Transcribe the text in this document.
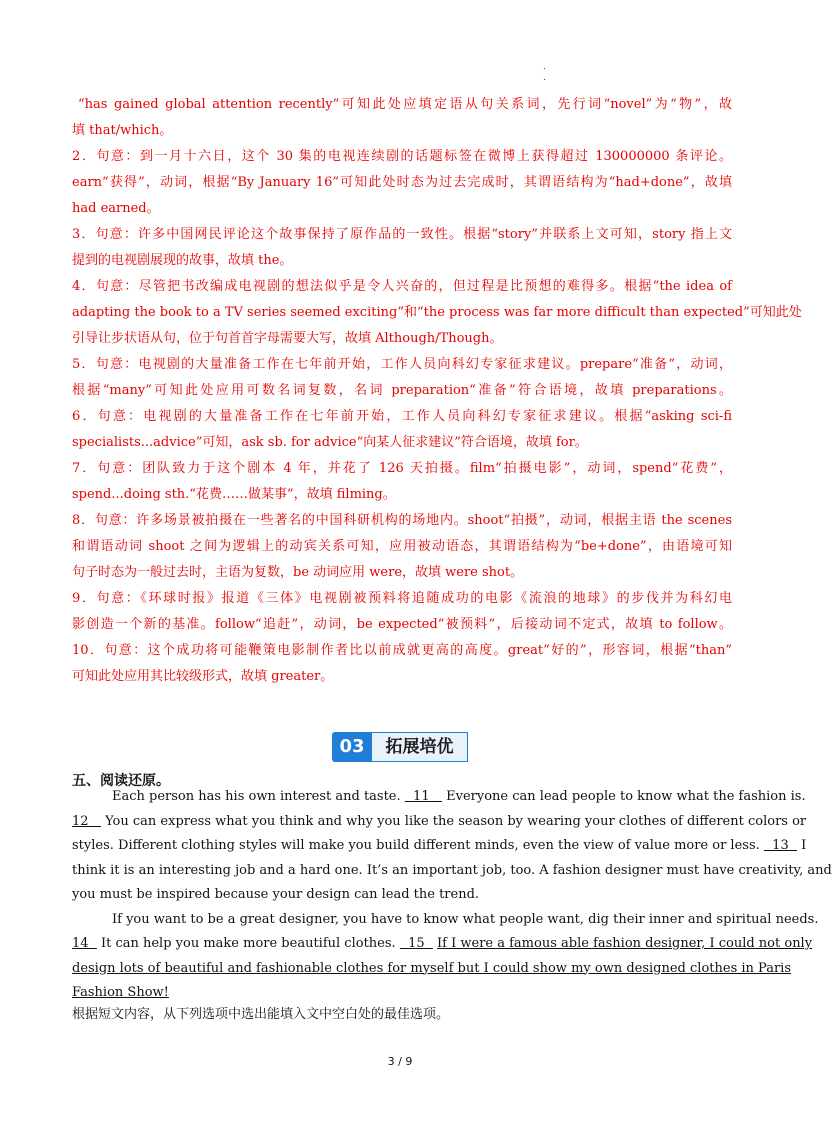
.
.
“has gained global attention recently”可知此处应填定语从句关系词，先行词“novel”为“物”，故
填 that/which。
2．句意：到一月十六日，这个 30 集的电视连续剧的话题标签在微博上获得超过 130000000 条评论。
earn“获得”，动词，根据“By January 16”可知此处时态为过去完成时，其谓语结构为“had+done”，故填
had earned。
3．句意：许多中国网民评论这个故事保持了原作品的一致性。根据“story”并联系上文可知，story 指上文
提到的电视剧展现的故事，故填 the。
4．句意：尽管把书改编成电视剧的想法似乎是令人兴奋的，但过程是比预想的难得多。根据“the idea of
adapting the book to a TV series seemed exciting”和“the process was far more difficult than expected”可知此处
引导让步状语从句，位于句首首字母需要大写，故填 Although/Though。
5．句意：电视剧的大量准备工作在七年前开始，工作人员向科幻专家征求建议。prepare“准备”，动词，
根据“many”可知此处应用可数名词复数，名词 preparation“准备”符合语境，故填 preparations。
6．句意：电视剧的大量准备工作在七年前开始，工作人员向科幻专家征求建议。根据“asking sci-fi
specialists...advice”可知，ask sb. for advice“向某人征求建议”符合语境，故填 for。
7．句意：团队致力于这个剧本 4 年，并花了 126 天拍摄。film“拍摄电影”，动词，spend“花费”，
spend...doing sth.“花费……做某事”，故填 filming。
8．句意：许多场景被拍摄在一些著名的中国科研机构的场地内。shoot“拍摄”，动词，根据主语 the scenes
和谓语动词 shoot 之间为逻辑上的动宾关系可知，应用被动语态，其谓语结构为“be+done”，由语境可知
句子时态为一般过去时，主语为复数，be 动词应用 were，故填 were shot。
9．句意：《环球时报》报道《三体》电视剧被预料将追随成功的电影《流浪的地球》的步伐并为科幻电
影创造一个新的基准。follow“追赶”，动词，be expected“被预料”，后接动词不定式，故填 to follow。
10．句意：这个成功将可能鞭策电影制作者比以前成就更高的高度。great“好的”，形容词，根据“than”
可知此处应用其比较级形式，故填 greater。
03	拓展培优
五、阅读还原。
Each person has his own interest and taste. 11 Everyone can lead people to know what the fashion is.
12 You can express what you think and why you like the season by wearing your clothes of different colors or
styles. Different clothing styles will make you build different minds, even the view of value more or less. 13 I
think it is an interesting job and a hard one. It’s an important job, too. A fashion designer must have creativity, and
you must be inspired because your design can lead the trend.
If you want to be a great designer, you have to know what people want, dig their inner and spiritual needs.
14 It can help you make more beautiful clothes. 15 If I were a famous able fashion designer, I could not only
design lots of beautiful and fashionable clothes for myself but I could show my own designed clothes in Paris
Fashion Show!
根据短文内容，从下列选项中选出能填入文中空白处的最佳选项。
3 / 9
